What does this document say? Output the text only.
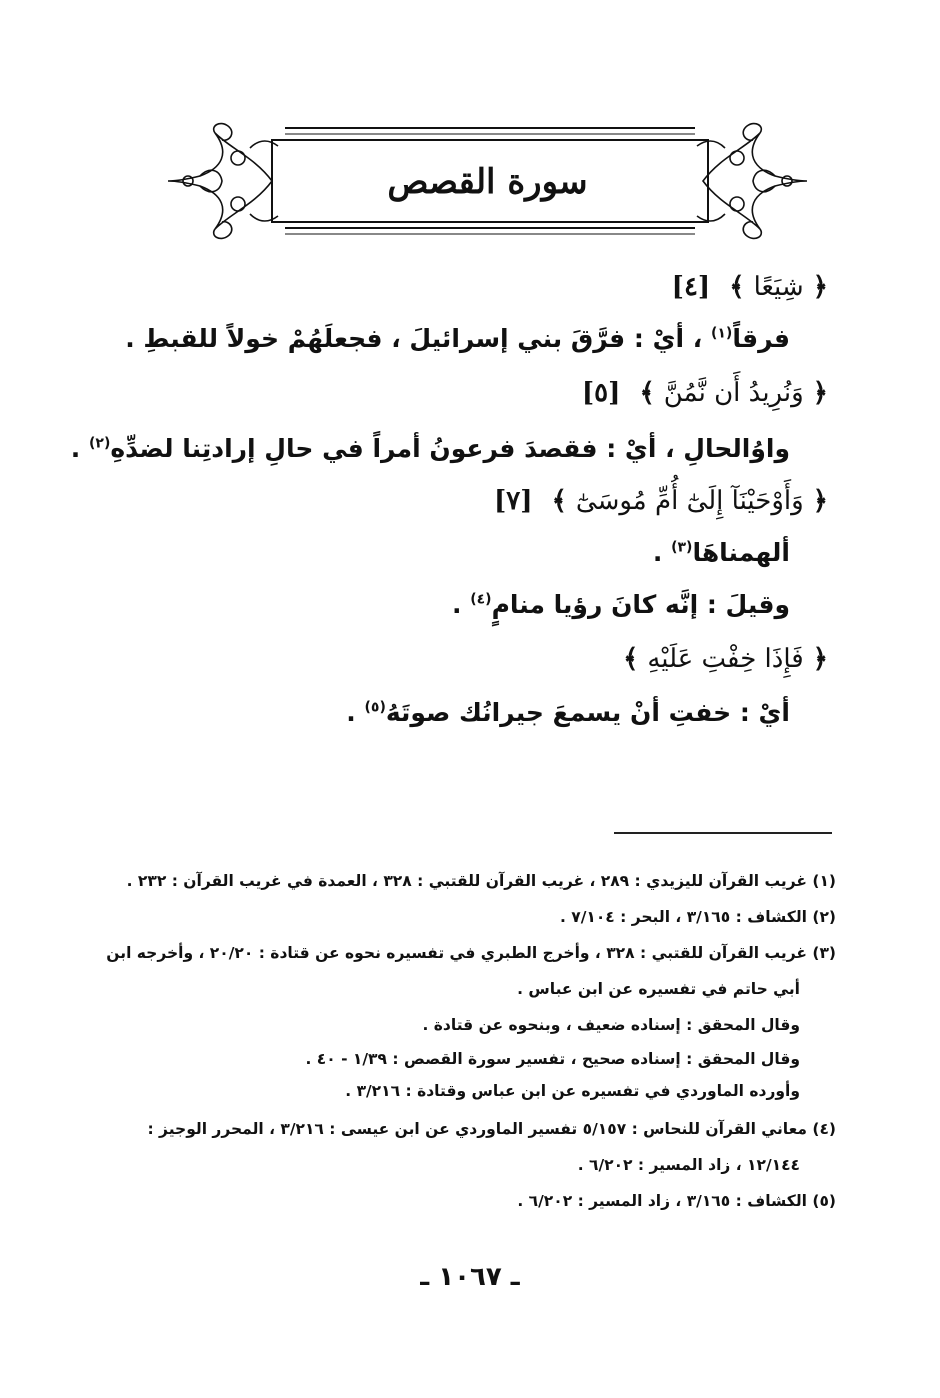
سورة القصص
﴿ شِيَعًا ﴾ [٤]
فرقاً$^{(١)}$ ، أيْ : فرَّقَ بني إسرائيلَ ، فجعلَهُمْ خولاً للقبطِ .
﴿ وَنُرِيدُ أَن نَّمُنَّ ﴾ [٥]
واوُالحالِ ، أيْ : فقصدَ فرعونُ أمراً في حالِ إرادتِنا لضدِّهِ$^{(٢)}$ .
﴿ وَأَوْحَيْنَآ إِلَىٰٓ أُمِّ مُوسَىٰٓ ﴾ [٧]
ألهمناهَا$^{(٣)}$ .
وقيلَ : إنَّه كانَ رؤيا منامٍ$^{(٤)}$ .
﴿ فَإِذَا خِفْتِ عَلَيْهِ ﴾
أيْ : خفتِ أنْ يسمعَ جيرانُك صوتَهُ$^{(٥)}$ .
(١) غريب القرآن لليزيدي : ٢٨٩ ، غريب القرآن للقتبي : ٣٢٨ ، العمدة في غريب القرآن : ٢٣٢ .
(٢) الكشاف : ٣/١٦٥ ، البحر : ٧/١٠٤ .
(٣) غريب القرآن للقتبي : ٣٢٨ ، وأخرج الطبري في تفسيره نحوه عن قتادة : ٢٠/٢٠ ، وأخرجه ابن
أبي حاتم في تفسيره عن ابن عباس .
وقال المحقق : إسناده ضعيف ، وبنحوه عن قتادة .
وقال المحقق : إسناده صحيح ، تفسير سورة القصص : ١/٣٩ - ٤٠ .
وأورده الماوردي في تفسيره عن ابن عباس وقتادة : ٣/٢١٦ .
(٤) معاني القرآن للنحاس : ٥/١٥٧ تفسير الماوردي عن ابن عيسى : ٣/٢١٦ ، المحرر الوجيز :
١٢/١٤٤ ، زاد المسير : ٦/٢٠٢ .
(٥) الكشاف : ٣/١٦٥ ، زاد المسير : ٦/٢٠٢ .
ـ ١٠٦٧ ـ
